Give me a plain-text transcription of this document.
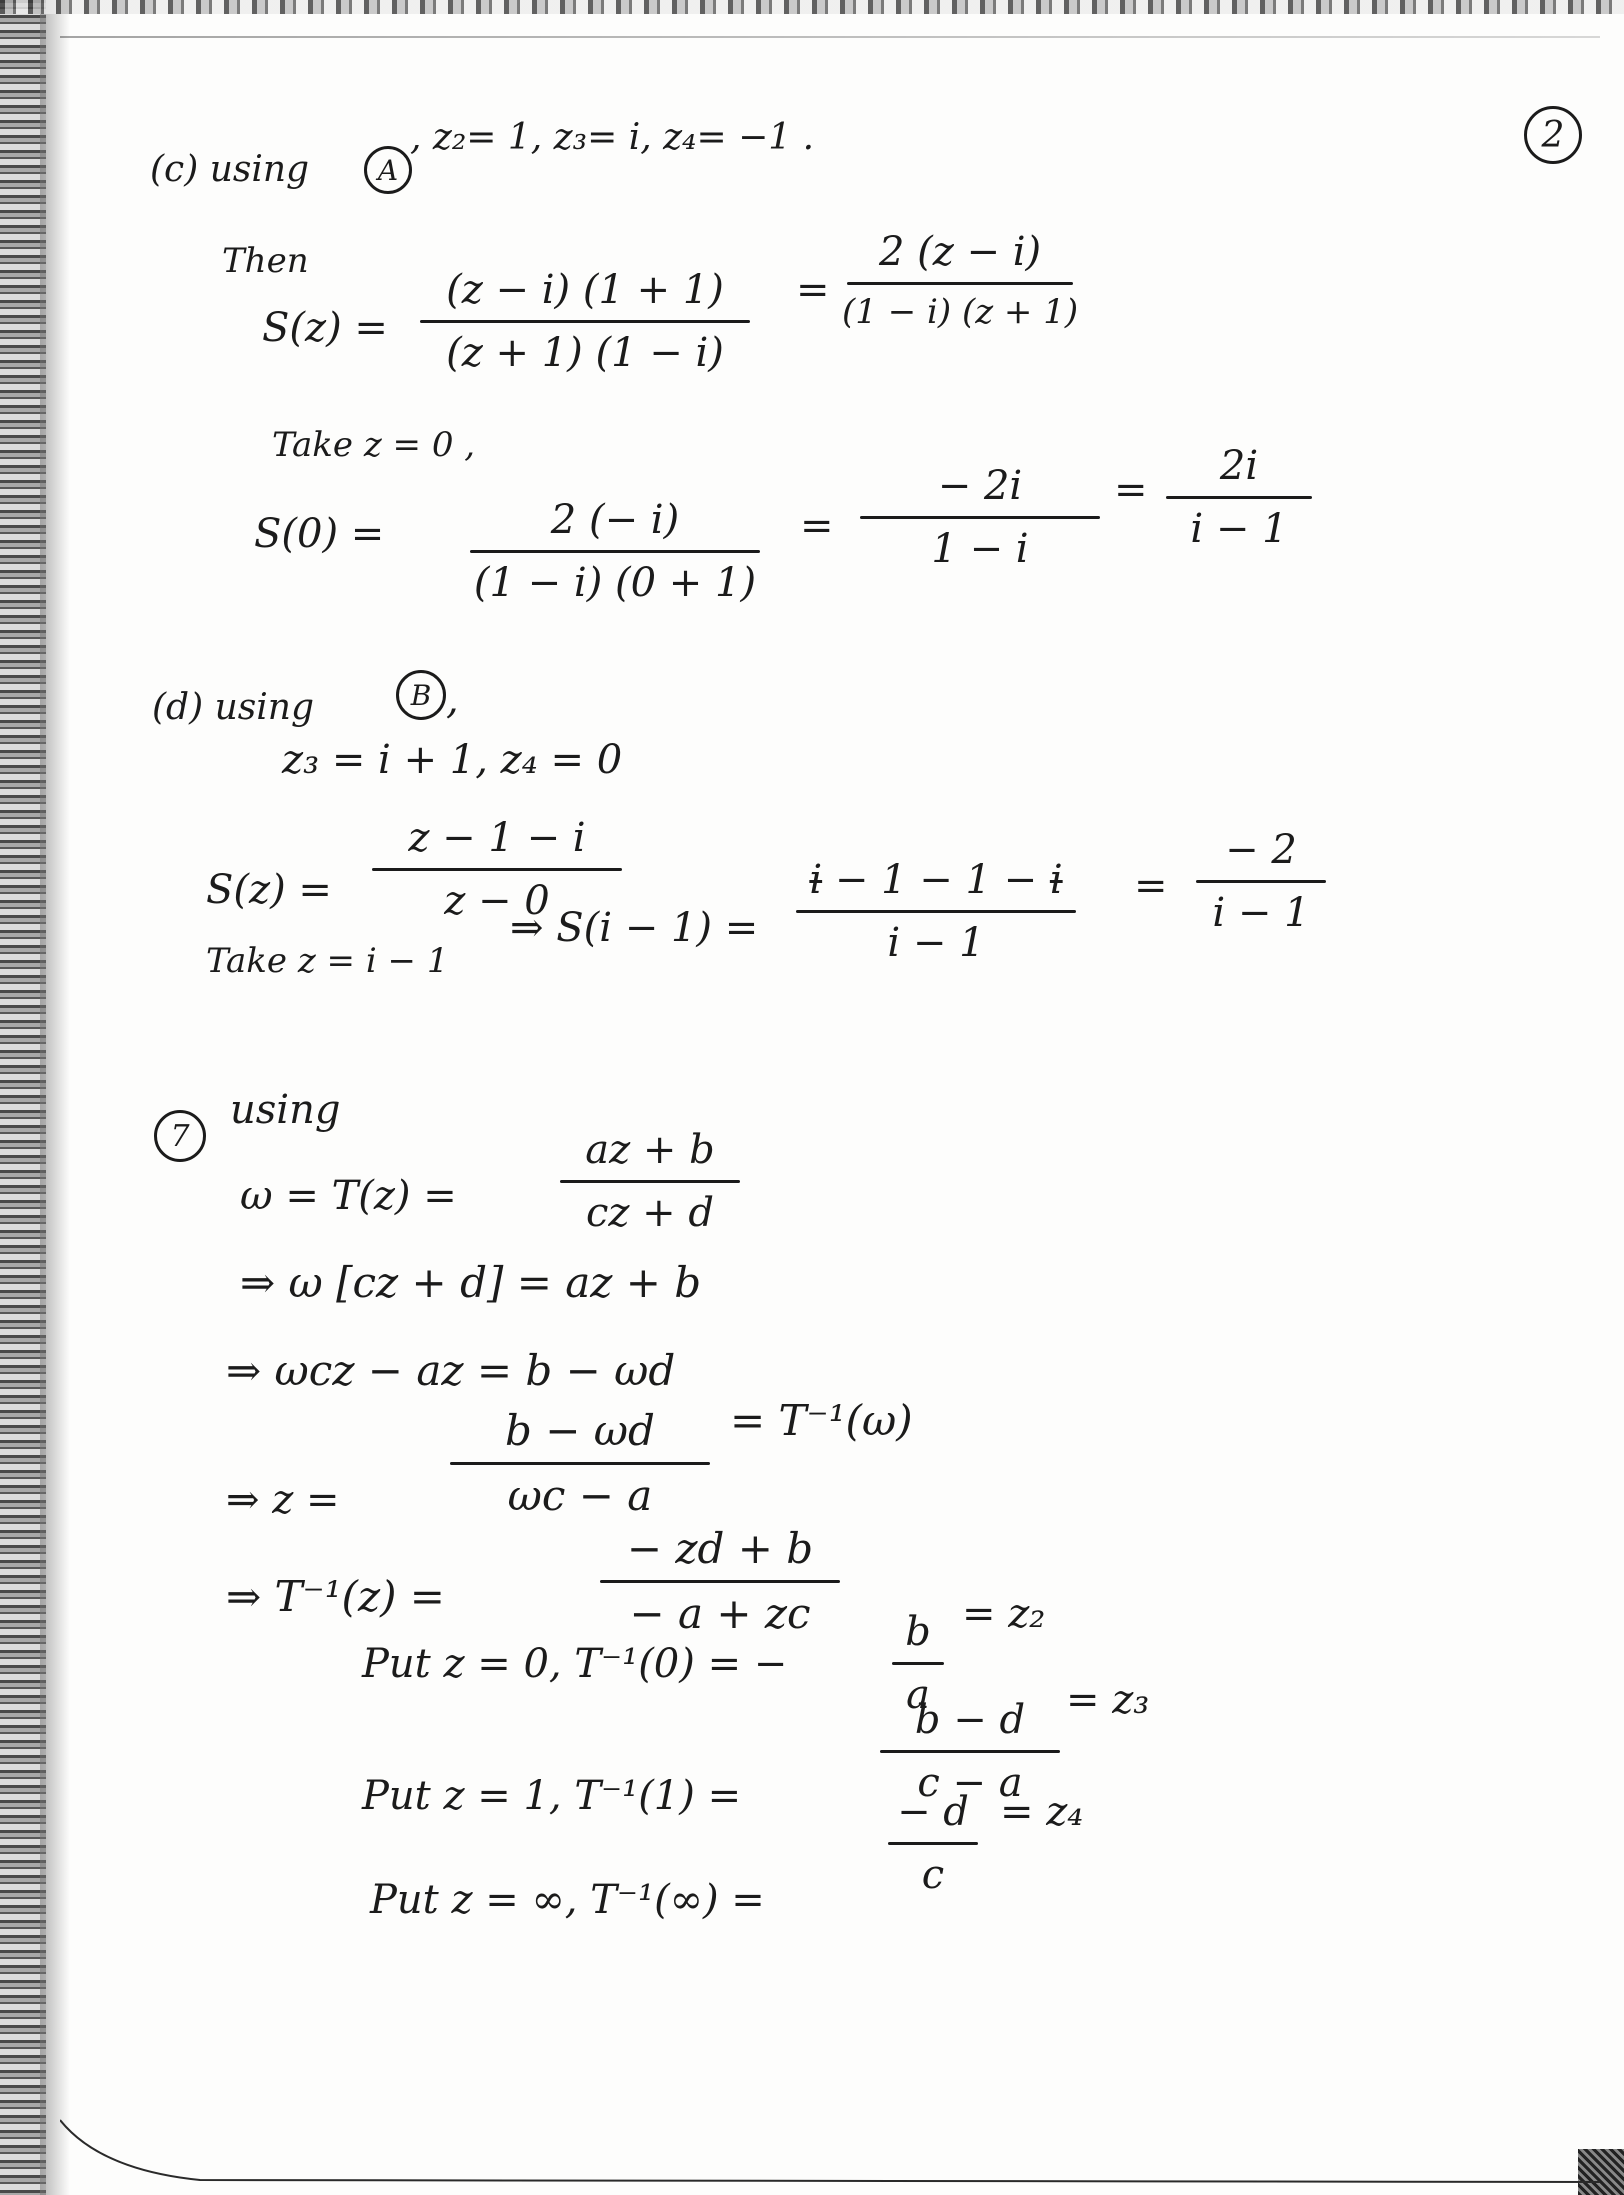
2
(c) using A
, z₂= 1, z₃= i, z₄= −1 .
Then
S(z) =
(z − i) (1 + 1)
(z + 1) (1 − i)
=
2 (z − i)
(1 − i) (z + 1)
Take z = 0 ,
S(0) =	2 (− i)
(1 − i) (0 + 1)
=
− 2i
1 − i
=
2i
i − 1
(d) using	B ,
z₃ = i + 1, z₄ = 0
S(z) =
z − 1 − i
z − 0
Take z = i − 1
⇒ S(i − 1) =
i − 1 − 1 − i
i − 1
=
− 2
i − 1
7
using
ω = T(z) =
az + b
cz + d
⇒ ω [cz + d] = az + b
⇒ ωcz − az = b − ωd
⇒ z =
b − ωd
ωc − a
= T⁻¹(ω)
⇒ T⁻¹(z) =
− zd + b
− a + zc
Put z = 0, T⁻¹(0) = −
b
a
= z₂
Put z = 1, T⁻¹(1) =
b − d
c − a
= z₃
Put z = ∞, T⁻¹(∞) =
− d
c
= z₄
